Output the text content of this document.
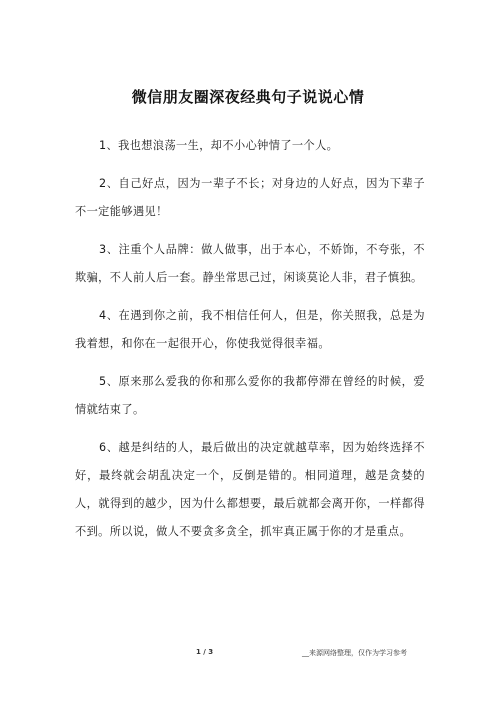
微信朋友圈深夜经典句子说说心情

1、我也想浪荡一生，却不小心钟情了一个人。

2、自己好点，因为一辈子不长；对身边的人好点，因为下辈子不一定能够遇见！

3、注重个人品牌：做人做事，出于本心，不娇饰，不夸张，不欺骗，不人前人后一套。静坐常思己过，闲谈莫论人非，君子慎独。

4、在遇到你之前，我不相信任何人，但是，你关照我，总是为我着想，和你在一起很开心，你使我觉得很幸福。

5、原来那么爱我的你和那么爱你的我都停滞在曾经的时候，爱情就结束了。

6、越是纠结的人，最后做出的决定就越草率，因为始终选择不好，最终就会胡乱决定一个，反倒是错的。相同道理，越是贪婪的人，就得到的越少，因为什么都想要，最后就都会离开你，一样都得不到。所以说，做人不要贪多贪全，抓牢真正属于你的才是重点。

1 / 3	__来源网络整理，仅作为学习参考
